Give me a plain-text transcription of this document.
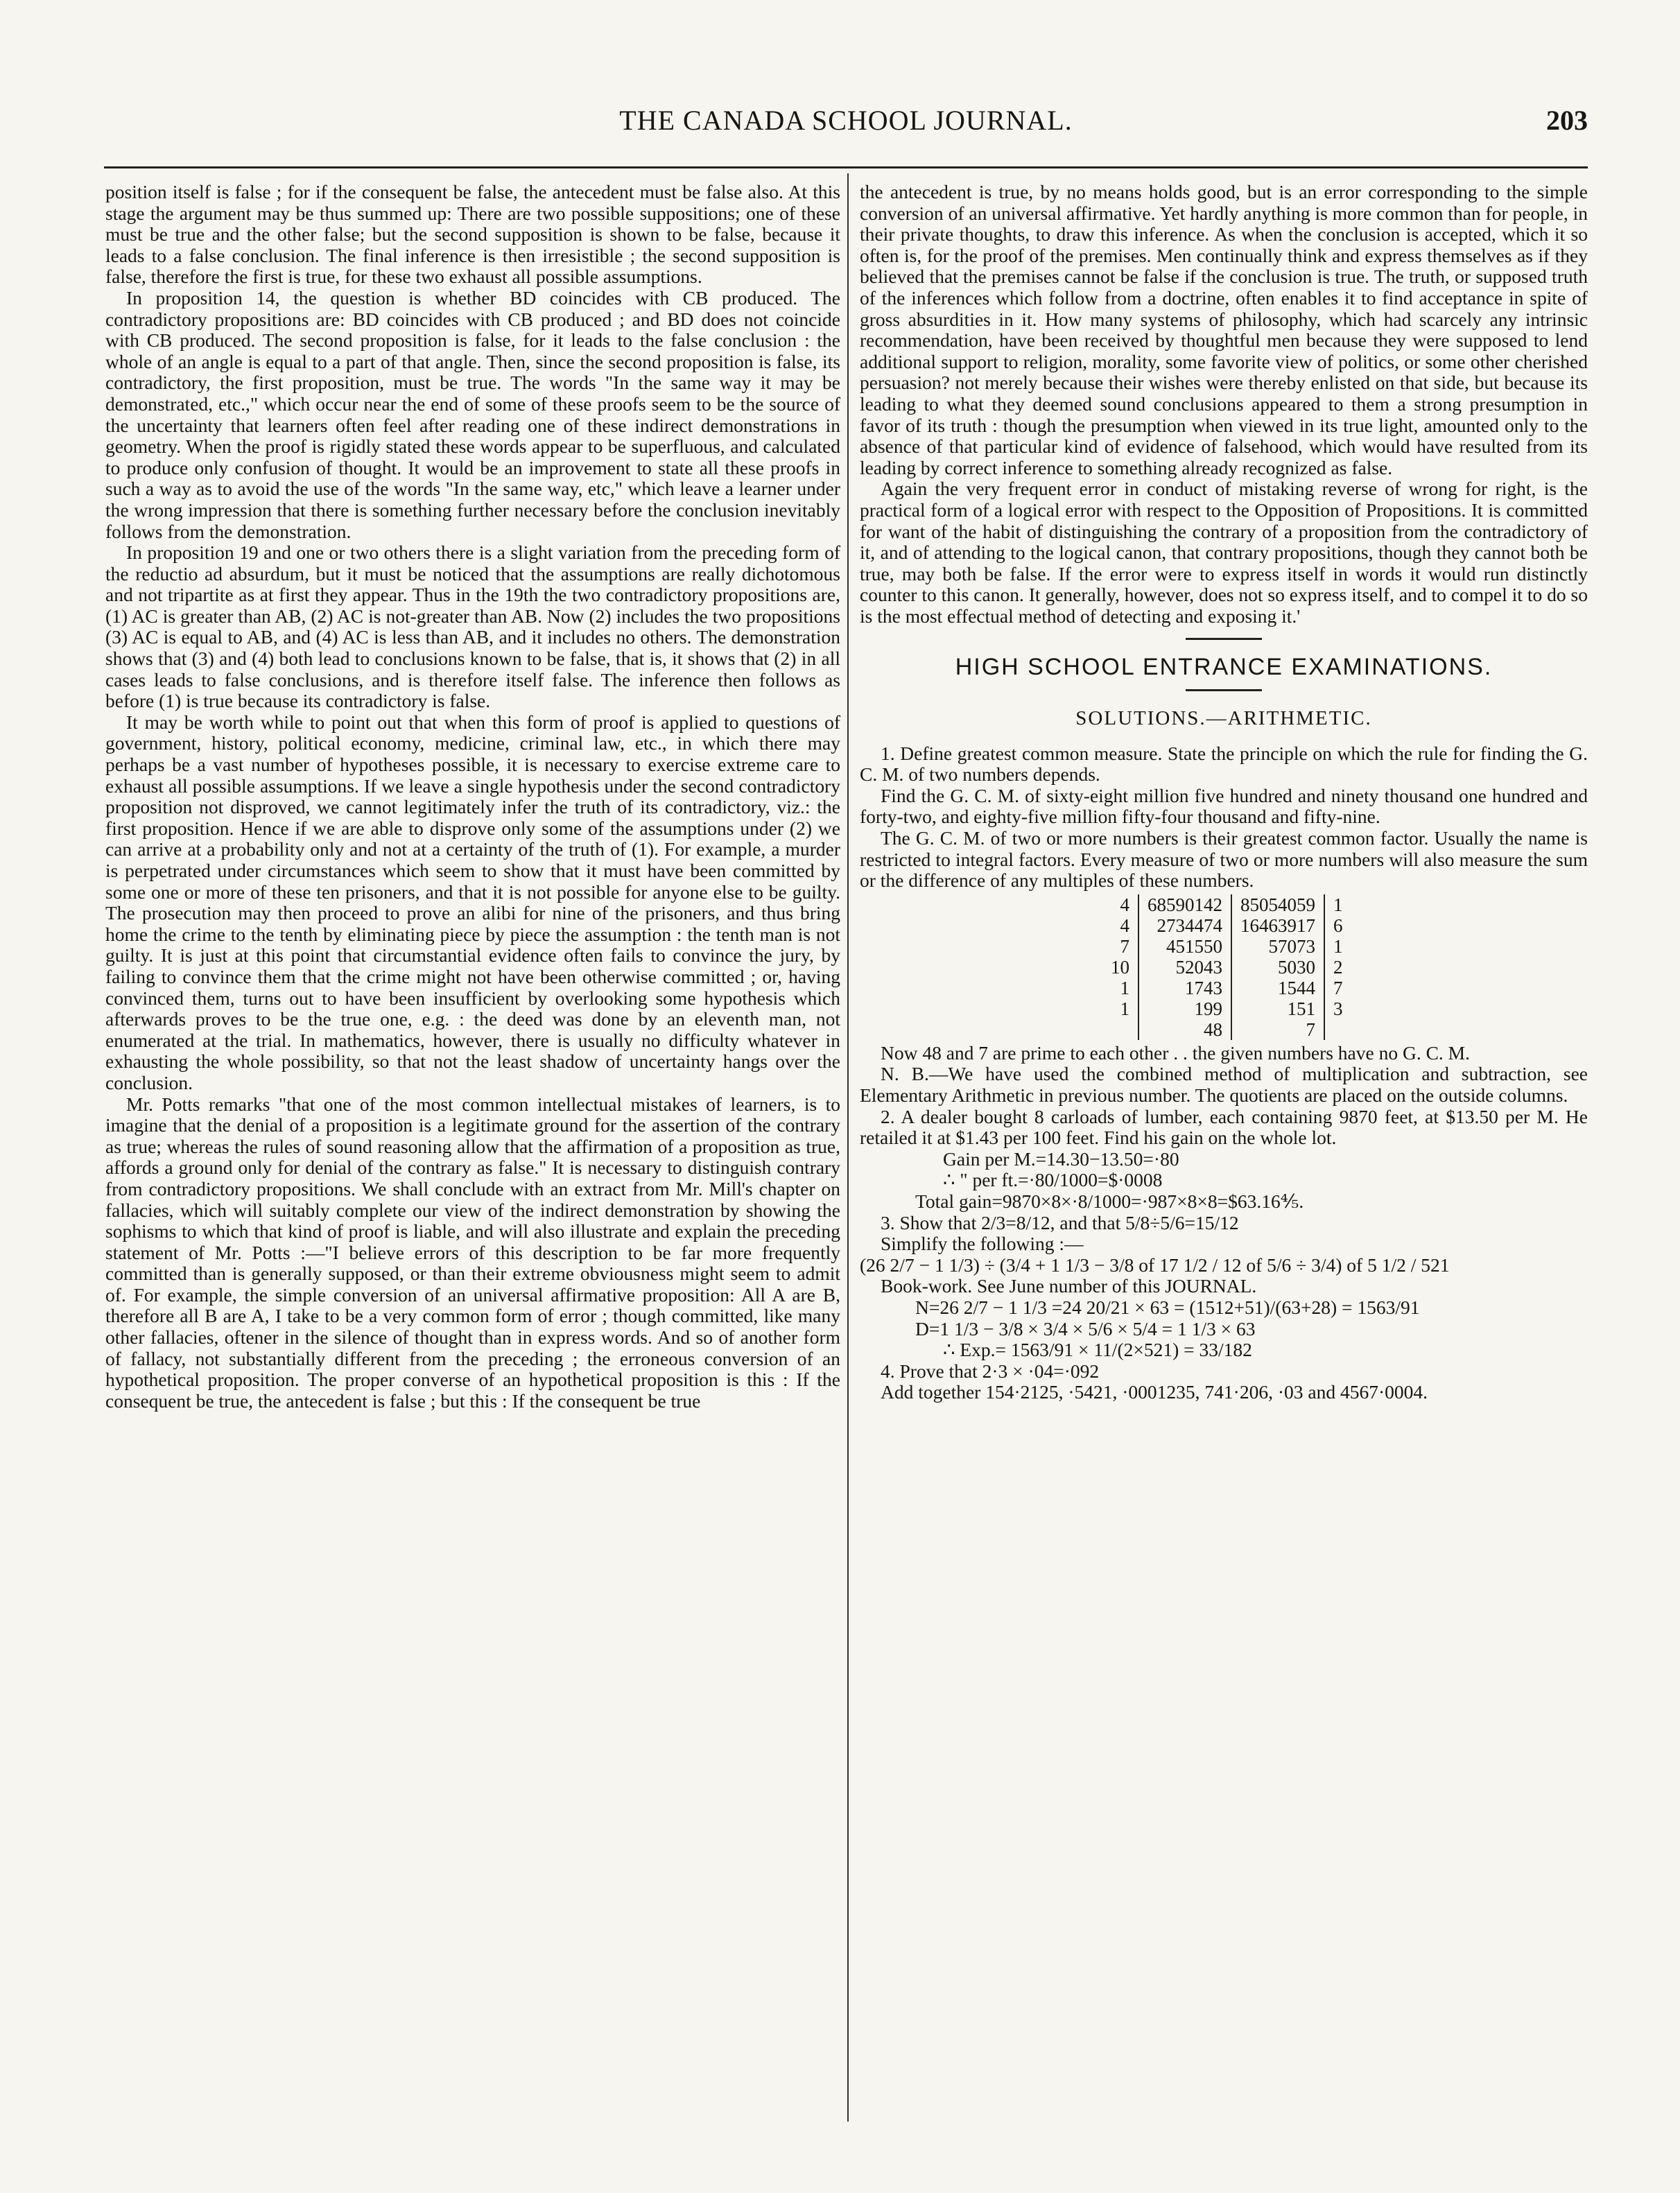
THE CANADA SCHOOL JOURNAL.	203

position itself is false ; for if the consequent be false, the antecedent must be false also. At this stage the argument may be thus summed up: There are two possible suppositions; one of these must be true and the other false; but the second supposition is shown to be false, because it leads to a false conclusion. The final inference is then irresistible ; the second supposition is false, therefore the first is true, for these two exhaust all possible assumptions.

In proposition 14, the question is whether BD coincides with CB produced. The contradictory propositions are: BD coincides with CB produced ; and BD does not coincide with CB produced. The second proposition is false, for it leads to the false conclusion : the whole of an angle is equal to a part of that angle. Then, since the second proposition is false, its contradictory, the first proposition, must be true. The words "In the same way it may be demonstrated, etc.," which occur near the end of some of these proofs seem to be the source of the uncertainty that learners often feel after reading one of these indirect demonstrations in geometry. When the proof is rigidly stated these words appear to be superfluous, and calculated to produce only confusion of thought. It would be an improvement to state all these proofs in such a way as to avoid the use of the words "In the same way, etc," which leave a learner under the wrong impression that there is something further necessary before the conclusion inevitably follows from the demonstration.

In proposition 19 and one or two others there is a slight variation from the preceding form of the reductio ad absurdum, but it must be noticed that the assumptions are really dichotomous and not tripartite as at first they appear. Thus in the 19th the two contradictory propositions are, (1) AC is greater than AB, (2) AC is not-greater than AB. Now (2) includes the two propositions (3) AC is equal to AB, and (4) AC is less than AB, and it includes no others. The demonstration shows that (3) and (4) both lead to conclusions known to be false, that is, it shows that (2) in all cases leads to false conclusions, and is therefore itself false. The inference then follows as before (1) is true because its contradictory is false.

It may be worth while to point out that when this form of proof is applied to questions of government, history, political economy, medicine, criminal law, etc., in which there may perhaps be a vast number of hypotheses possible, it is necessary to exercise extreme care to exhaust all possible assumptions. If we leave a single hypothesis under the second contradictory proposition not disproved, we cannot legitimately infer the truth of its contradictory, viz.: the first proposition. Hence if we are able to disprove only some of the assumptions under (2) we can arrive at a probability only and not at a certainty of the truth of (1). For example, a murder is perpetrated under circumstances which seem to show that it must have been committed by some one or more of these ten prisoners, and that it is not possible for anyone else to be guilty. The prosecution may then proceed to prove an alibi for nine of the prisoners, and thus bring home the crime to the tenth by eliminating piece by piece the assumption : the tenth man is not guilty. It is just at this point that circumstantial evidence often fails to convince the jury, by failing to convince them that the crime might not have been otherwise committed ; or, having convinced them, turns out to have been insufficient by overlooking some hypothesis which afterwards proves to be the true one, e.g. : the deed was done by an eleventh man, not enumerated at the trial. In mathematics, however, there is usually no difficulty whatever in exhausting the whole possibility, so that not the least shadow of uncertainty hangs over the conclusion.

Mr. Potts remarks "that one of the most common intellectual mistakes of learners, is to imagine that the denial of a proposition is a legitimate ground for the assertion of the contrary as true; whereas the rules of sound reasoning allow that the affirmation of a proposition as true, affords a ground only for denial of the contrary as false." It is necessary to distinguish contrary from contradictory propositions. We shall conclude with an extract from Mr. Mill's chapter on fallacies, which will suitably complete our view of the indirect demonstration by showing the sophisms to which that kind of proof is liable, and will also illustrate and explain the preceding statement of Mr. Potts :—"I believe errors of this description to be far more frequently committed than is generally supposed, or than their extreme obviousness might seem to admit of. For example, the simple conversion of an universal affirmative proposition: All A are B, therefore all B are A, I take to be a very common form of error ; though committed, like many other fallacies, oftener in the silence of thought than in express words. And so of another form of fallacy, not substantially different from the preceding ; the erroneous conversion of an hypothetical proposition. The proper converse of an hypothetical proposition is this : If the consequent be true, the antecedent is false ; but this : If the consequent be true

the antecedent is true, by no means holds good, but is an error corresponding to the simple conversion of an universal affirmative. Yet hardly anything is more common than for people, in their private thoughts, to draw this inference. As when the conclusion is accepted, which it so often is, for the proof of the premises. Men continually think and express themselves as if they believed that the premises cannot be false if the conclusion is true. The truth, or supposed truth of the inferences which follow from a doctrine, often enables it to find acceptance in spite of gross absurdities in it. How many systems of philosophy, which had scarcely any intrinsic recommendation, have been received by thoughtful men because they were supposed to lend additional support to religion, morality, some favorite view of politics, or some other cherished persuasion? not merely because their wishes were thereby enlisted on that side, but because its leading to what they deemed sound conclusions appeared to them a strong presumption in favor of its truth : though the presumption when viewed in its true light, amounted only to the absence of that particular kind of evidence of falsehood, which would have resulted from its leading by correct inference to something already recognized as false.

Again the very frequent error in conduct of mistaking reverse of wrong for right, is the practical form of a logical error with respect to the Opposition of Propositions. It is committed for want of the habit of distinguishing the contrary of a proposition from the contradictory of it, and of attending to the logical canon, that contrary propositions, though they cannot both be true, may both be false. If the error were to express itself in words it would run distinctly counter to this canon. It generally, however, does not so express itself, and to compel it to do so is the most effectual method of detecting and exposing it.'

HIGH SCHOOL ENTRANCE EXAMINATIONS.
SOLUTIONS.—ARITHMETIC.

1. Define greatest common measure. State the principle on which the rule for finding the G. C. M. of two numbers depends.

Find the G. C. M. of sixty-eight million five hundred and ninety thousand one hundred and forty-two, and eighty-five million fifty-four thousand and fifty-nine.

The G. C. M. of two or more numbers is their greatest common factor. Usually the name is restricted to integral factors. Every measure of two or more numbers will also measure the sum or the difference of any multiples of these numbers.

4	68590142	85054059	1
4	2734474	16463917	6
7	451550	57073	1
10	52043	5030	2
1	1743	1544	7
1	199	151	3
	48	7	

Now 48 and 7 are prime to each other . . the given numbers have no G. C. M.

N. B.—We have used the combined method of multiplication and subtraction, see Elementary Arithmetic in previous number. The quotients are placed on the outside columns.

2. A dealer bought 8 carloads of lumber, each containing 9870 feet, at $13.50 per M. He retailed it at $1.43 per 100 feet. Find his gain on the whole lot.

Gain per M.=14.30−13.50=·80

∴ " per ft.=·80/1000=$·0008

Total gain=9870×8×·8/1000=·987×8×8=$63.16⅘.

3. Show that 2/3=8/12, and that 5/8÷5/6=15/12

Simplify the following :—

(26 2/7 − 1 1/3) ÷ (3/4 + 1 1/3 − 3/8 of 17 1/2 / 12 of 5/6 ÷ 3/4) of 5 1/2 / 521

Book-work. See June number of this JOURNAL.

N=26 2/7 − 1 1/3 =24 20/21 × 63 = (1512+51)/(63+28) = 1563/91

D=1 1/3 − 3/8 × 3/4 × 5/6 × 5/4 = 1 1/3 × 63

∴ Exp.= 1563/91 × 11/(2×521) = 33/182

4. Prove that 2·3 × ·04=·092

Add together 154·2125, ·5421, ·0001235, 741·206, ·03 and 4567·0004.
